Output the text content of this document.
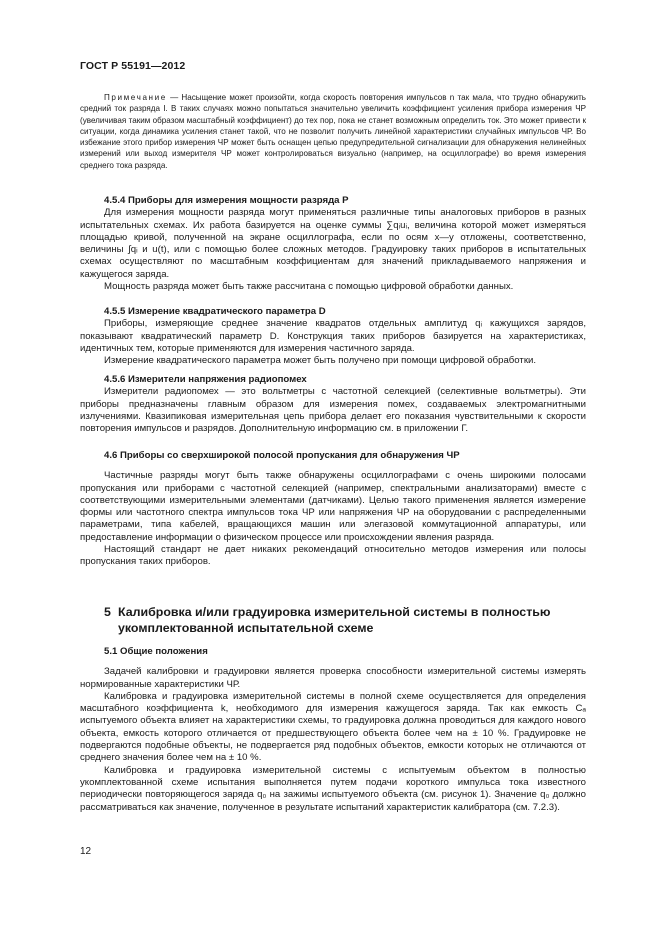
ГОСТ Р 55191—2012

Примечание — Насыщение может произойти, когда скорость повторения импульсов n так мала, что трудно обнаружить средний ток разряда I. В таких случаях можно попытаться значительно увеличить коэффициент усиления прибора измерения ЧР (увеличивая таким образом масштабный коэффициент) до тех пор, пока не станет возможным определить ток. Это может привести к ситуации, когда динамика усиления станет такой, что не позволит получить линейной характеристики случайных импульсов ЧР. Во избежание этого прибор измерения ЧР может быть оснащен цепью предупредительной сигнализации для обнаружения нелинейных измерений или выход измерителя ЧР может контролироваться визуально (например, на осциллографе) во время измерения среднего тока разряда.

4.5.4 Приборы для измерения мощности разряда P

Для измерения мощности разряда могут применяться различные типы аналоговых приборов в разных испытательных схемах. Их работа базируется на оценке суммы ∑qᵢuᵢ, величина которой может измеряться площадью кривой, полученной на экране осциллографа, если по осям x—y отложены, соответственно, величины ∫qᵢ и u(t), или с помощью более сложных методов. Градуировку таких приборов в испытательных схемах осуществляют по масштабным коэффициентам для значений прикладываемого напряжения и кажущегося заряда.

Мощность разряда может быть также рассчитана с помощью цифровой обработки данных.

4.5.5 Измерение квадратического параметра D

Приборы, измеряющие среднее значение квадратов отдельных амплитуд qᵢ кажущихся зарядов, показывают квадратический параметр D. Конструкция таких приборов базируется на характеристиках, идентичных тем, которые применяются для измерения частичного заряда.

Измерение квадратического параметра может быть получено при помощи цифровой обработки.

4.5.6 Измерители напряжения радиопомех

Измерители радиопомех — это вольтметры с частотной селекцией (селективные вольтметры). Эти приборы предназначены главным образом для измерения помех, создаваемых электромагнитными излучениями. Квазипиковая измерительная цепь прибора делает его показания чувствительными к скорости повторения импульсов и разрядов. Дополнительную информацию см. в приложении Г.

4.6 Приборы со сверхширокой полосой пропускания для обнаружения ЧР

Частичные разряды могут быть также обнаружены осциллографами с очень широкими полосами пропускания или приборами с частотной селекцией (например, спектральными анализаторами) вместе с соответствующими измерительными элементами (датчиками). Целью такого применения является измерение формы или частотного спектра импульсов тока ЧР или напряжения ЧР на оборудовании с распределенными параметрами, типа кабелей, вращающихся машин или элегазовой коммутационной аппаратуры, или предоставление информации о физическом процессе или происхождении явления разряда.

Настоящий стандарт не дает никаких рекомендаций относительно методов измерения или полосы пропускания таких приборов.

5 Калибровка и/или градуировка измерительной системы в полностью
укомплектованной испытательной схеме

5.1 Общие положения

Задачей калибровки и градуировки является проверка способности измерительной системы измерять нормированные характеристики ЧР.

Калибровка и градуировка измерительной системы в полной схеме осуществляется для определения масштабного коэффициента k, необходимого для измерения кажущегося заряда. Так как емкость Cₐ испытуемого объекта влияет на характеристики схемы, то градуировка должна проводиться для каждого нового объекта, емкость которого отличается от предшествующего объекта более чем на ± 10 %. Градуировке не подвергаются подобные объекты, не подвергается ряд подобных объектов, емкости которых не отличаются от среднего значения более чем на ± 10 %.

Калибровка и градуировка измерительной системы с испытуемым объектом в полностью укомплектованной схеме испытания выполняется путем подачи короткого импульса тока известного периодически повторяющегося заряда q₀ на зажимы испытуемого объекта (см. рисунок 1). Значение q₀ должно рассматриваться как значение, полученное в результате испытаний характеристик калибратора (см. 7.2.3).

12
